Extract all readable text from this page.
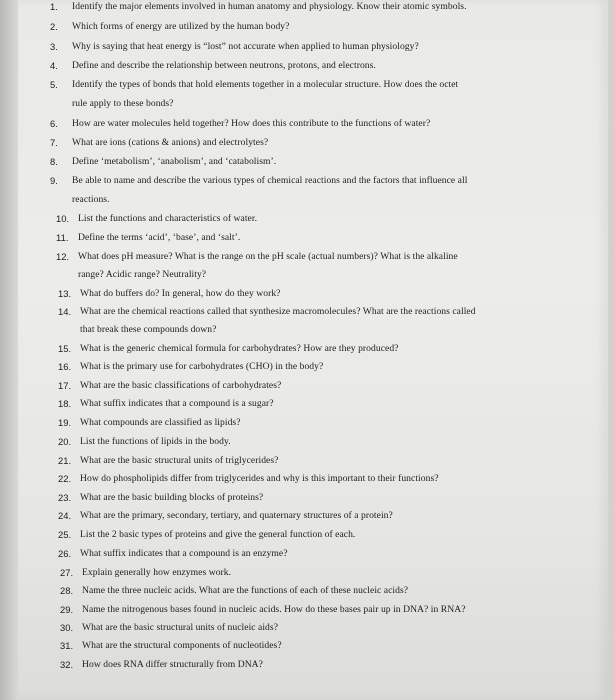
1. Identify the major elements involved in human anatomy and physiology. Know their atomic symbols.
2. Which forms of energy are utilized by the human body?
3. Why is saying that heat energy is “lost” not accurate when applied to human physiology?
4. Define and describe the relationship between neutrons, protons, and electrons.
5. Identify the types of bonds that hold elements together in a molecular structure. How does the octet
rule apply to these bonds?
6. How are water molecules held together? How does this contribute to the functions of water?
7. What are ions (cations & anions) and electrolytes?
8. Define ‘metabolism’, ‘anabolism’, and ‘catabolism’.
9. Be able to name and describe the various types of chemical reactions and the factors that influence all
reactions.
10. List the functions and characteristics of water.
11. Define the terms ‘acid’, ‘base’, and ‘salt’.
12. What does pH measure? What is the range on the pH scale (actual numbers)? What is the alkaline
range? Acidic range? Neutrality?
13. What do buffers do? In general, how do they work?
14. What are the chemical reactions called that synthesize macromolecules? What are the reactions called
that break these compounds down?
15. What is the generic chemical formula for carbohydrates? How are they produced?
16. What is the primary use for carbohydrates (CHO) in the body?
17. What are the basic classifications of carbohydrates?
18. What suffix indicates that a compound is a sugar?
19. What compounds are classified as lipids?
20. List the functions of lipids in the body.
21. What are the basic structural units of triglycerides?
22. How do phospholipids differ from triglycerides and why is this important to their functions?
23. What are the basic building blocks of proteins?
24. What are the primary, secondary, tertiary, and quaternary structures of a protein?
25. List the 2 basic types of proteins and give the general function of each.
26. What suffix indicates that a compound is an enzyme?
27. Explain generally how enzymes work.
28. Name the three nucleic acids. What are the functions of each of these nucleic acids?
29. Name the nitrogenous bases found in nucleic acids. How do these bases pair up in DNA? in RNA?
30. What are the basic structural units of nucleic aids?
31. What are the structural components of nucleotides?
32. How does RNA differ structurally from DNA?
